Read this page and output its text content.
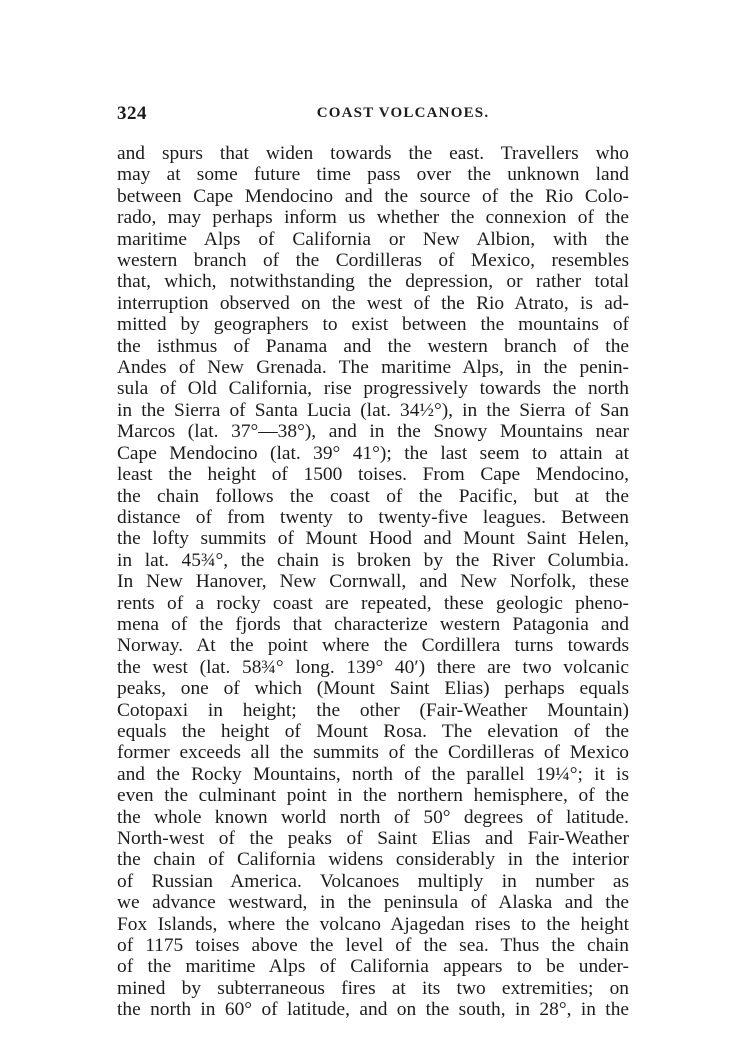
324	COAST VOLCANOES.
and spurs that widen towards the east. Travellers who
may at some future time pass over the unknown land
between Cape Mendocino and the source of the Rio Colo-
rado, may perhaps inform us whether the connexion of the
maritime Alps of California or New Albion, with the
western branch of the Cordilleras of Mexico, resembles
that, which, notwithstanding the depression, or rather total
interruption observed on the west of the Rio Atrato, is ad-
mitted by geographers to exist between the mountains of
the isthmus of Panama and the western branch of the
Andes of New Grenada. The maritime Alps, in the penin-
sula of Old California, rise progressively towards the north
in the Sierra of Santa Lucia (lat. 34½°), in the Sierra of San
Marcos (lat. 37°—38°), and in the Snowy Mountains near
Cape Mendocino (lat. 39° 41°); the last seem to attain at
least the height of 1500 toises. From Cape Mendocino,
the chain follows the coast of the Pacific, but at the
distance of from twenty to twenty-five leagues. Between
the lofty summits of Mount Hood and Mount Saint Helen,
in lat. 45¾°, the chain is broken by the River Columbia.
In New Hanover, New Cornwall, and New Norfolk, these
rents of a rocky coast are repeated, these geologic pheno-
mena of the fjords that characterize western Patagonia and
Norway. At the point where the Cordillera turns towards
the west (lat. 58¾° long. 139° 40′) there are two volcanic
peaks, one of which (Mount Saint Elias) perhaps equals
Cotopaxi in height; the other (Fair-Weather Mountain)
equals the height of Mount Rosa. The elevation of the
former exceeds all the summits of the Cordilleras of Mexico
and the Rocky Mountains, north of the parallel 19¼°; it is
even the culminant point in the northern hemisphere, of the
the whole known world north of 50° degrees of latitude.
North-west of the peaks of Saint Elias and Fair-Weather
the chain of California widens considerably in the interior
of Russian America. Volcanoes multiply in number as
we advance westward, in the peninsula of Alaska and the
Fox Islands, where the volcano Ajagedan rises to the height
of 1175 toises above the level of the sea. Thus the chain
of the maritime Alps of California appears to be under-
mined by subterraneous fires at its two extremities; on
the north in 60° of latitude, and on the south, in 28°, in the
